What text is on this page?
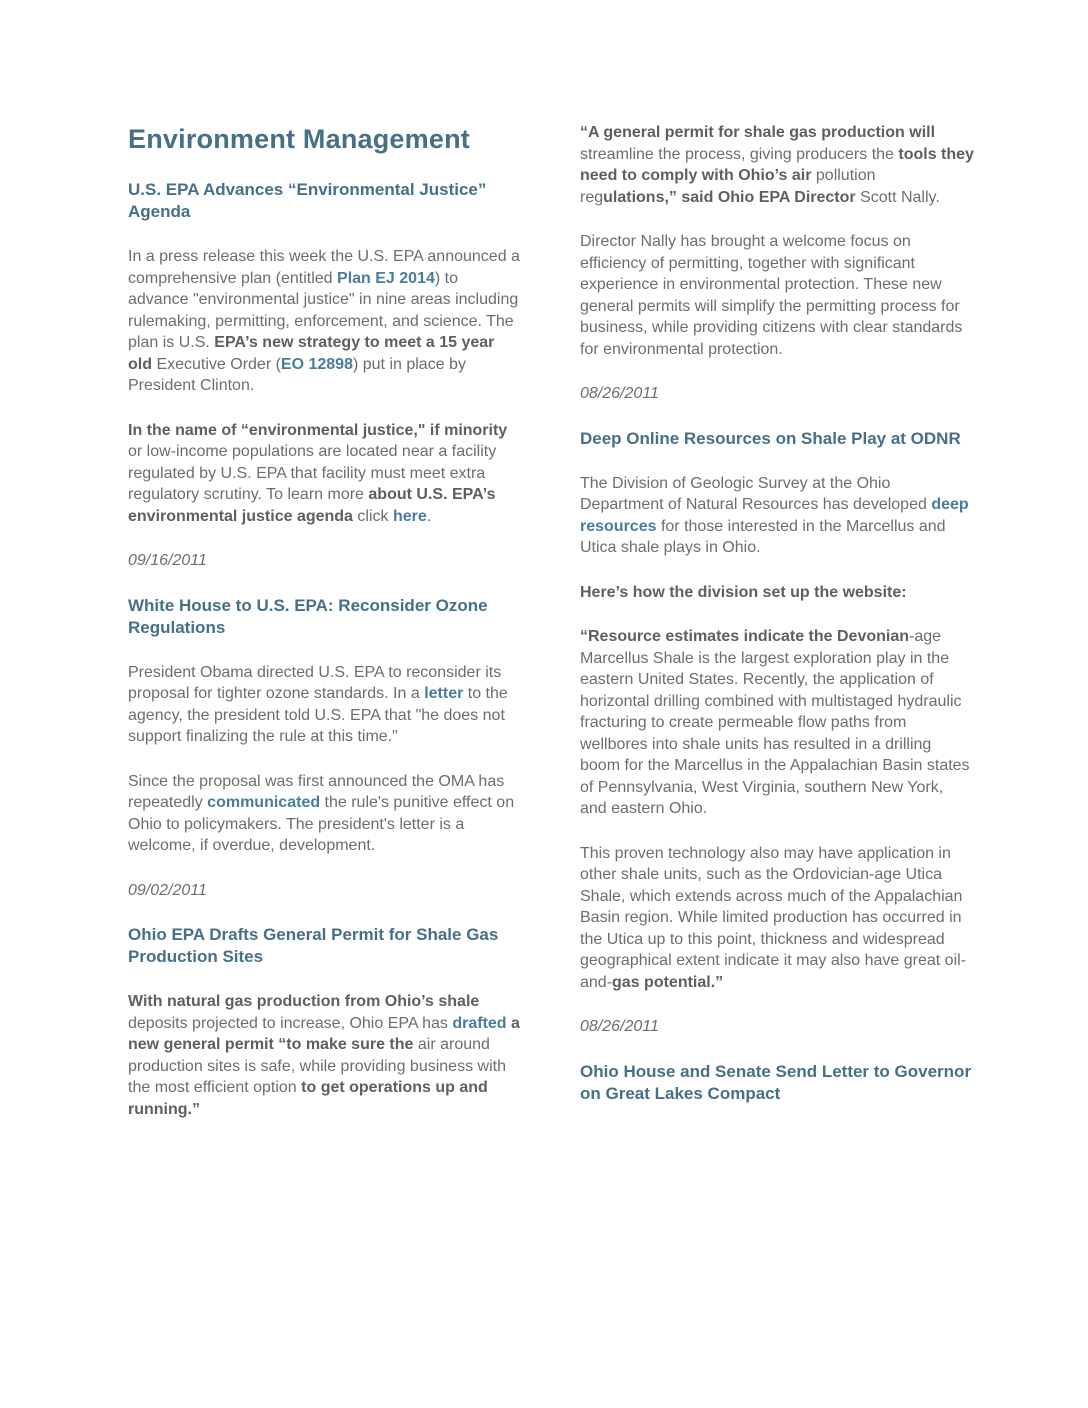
Environment Management
U.S. EPA Advances “Environmental Justice” Agenda

In a press release this week the U.S. EPA announced a comprehensive plan (entitled Plan EJ 2014) to advance "environmental justice" in nine areas including rulemaking, permitting, enforcement, and science. The plan is U.S. EPA’s new strategy to meet a 15 year old Executive Order (EO 12898) put in place by President Clinton.

In the name of “environmental justice," if minority or low-income populations are located near a facility regulated by U.S. EPA that facility must meet extra regulatory scrutiny. To learn more about U.S. EPA’s environmental justice agenda click here.

09/16/2011

White House to U.S. EPA: Reconsider Ozone Regulations

President Obama directed U.S. EPA to reconsider its proposal for tighter ozone standards. In a letter to the agency, the president told U.S. EPA that "he does not support finalizing the rule at this time."

Since the proposal was first announced the OMA has repeatedly communicated the rule's punitive effect on Ohio to policymakers. The president's letter is a welcome, if overdue, development.

09/02/2011

Ohio EPA Drafts General Permit for Shale Gas Production Sites

With natural gas production from Ohio’s shale deposits projected to increase, Ohio EPA has drafted a new general permit “to make sure the air around production sites is safe, while providing business with the most efficient option to get operations up and running.”

“A general permit for shale gas production will streamline the process, giving producers the tools they need to comply with Ohio’s air pollution regulations,” said Ohio EPA Director Scott Nally.

Director Nally has brought a welcome focus on efficiency of permitting, together with significant experience in environmental protection. These new general permits will simplify the permitting process for business, while providing citizens with clear standards for environmental protection.

08/26/2011

Deep Online Resources on Shale Play at ODNR

The Division of Geologic Survey at the Ohio Department of Natural Resources has developed deep resources for those interested in the Marcellus and Utica shale plays in Ohio.

Here’s how the division set up the website:

“Resource estimates indicate the Devonian-age Marcellus Shale is the largest exploration play in the eastern United States. Recently, the application of horizontal drilling combined with multistaged hydraulic fracturing to create permeable flow paths from wellbores into shale units has resulted in a drilling boom for the Marcellus in the Appalachian Basin states of Pennsylvania, West Virginia, southern New York, and eastern Ohio.

This proven technology also may have application in other shale units, such as the Ordovician-age Utica Shale, which extends across much of the Appalachian Basin region. While limited production has occurred in the Utica up to this point, thickness and widespread geographical extent indicate it may also have great oil-and-gas potential.”

08/26/2011

Ohio House and Senate Send Letter to Governor on Great Lakes Compact
